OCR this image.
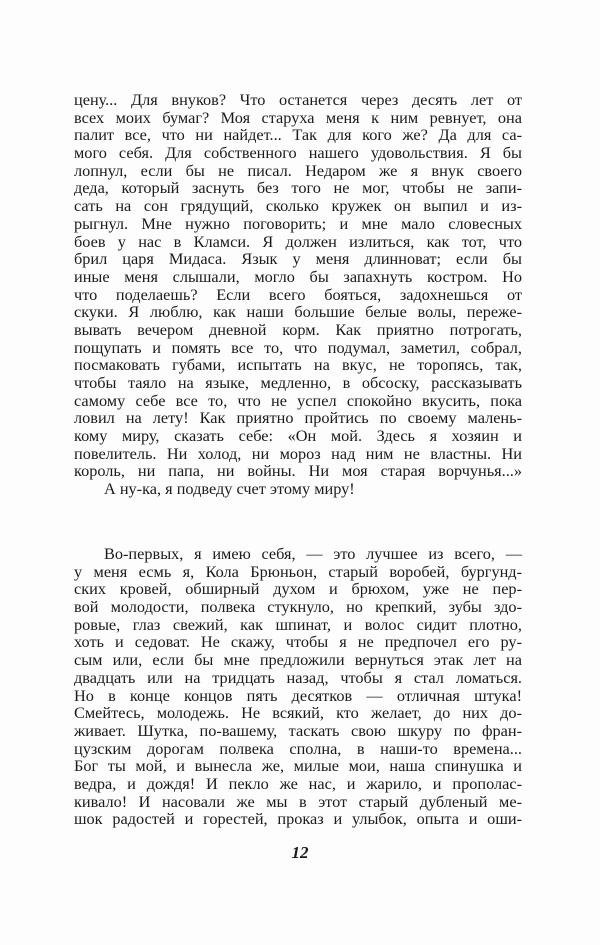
цену... Для внуков? Что останется через десять лет от
всех моих бумаг? Моя старуха меня к ним ревнует, она
палит все, что ни найдет... Так для кого же? Да для са-
мого себя. Для собственного нашего удовольствия. Я бы
лопнул, если бы не писал. Недаром же я внук своего
деда, который заснуть без того не мог, чтобы не запи-
сать на сон грядущий, сколько кружек он выпил и из-
рыгнул. Мне нужно поговорить; и мне мало словесных
боев у нас в Кламси. Я должен излиться, как тот, что
брил царя Мидаса. Язык у меня длинноват; если бы
иные меня слышали, могло бы запахнуть костром. Но
что поделаешь? Если всего бояться, задохнешься от
скуки. Я люблю, как наши большие белые волы, пережe-
вывать вечером дневной корм. Как приятно потрогать,
пощупать и помять все то, что подумал, заметил, собрал,
посмаковать губами, испытать на вкус, не торопясь, так,
чтобы таяло на языке, медленно, в обсоску, рассказывать
самому себе все то, что не успел спокойно вкусить, пока
ловил на лету! Как приятно пройтись по своему малень-
кому миру, сказать себе: «Он мой. Здесь я хозяин и
повелитель. Ни холод, ни мороз над ним не властны. Ни
король, ни папа, ни войны. Ни моя старая ворчунья...»
А ну-ка, я подведу счет этому миру!
Во-первых, я имею себя, — это лучшее из всего, —
у меня есмь я, Кола Брюньон, старый воробей, бургунд-
ских кровей, обширный духом и брюхом, уже не пер-
вой молодости, полвека стукнуло, но крепкий, зубы здо-
ровые, глаз свежий, как шпинат, и волос сидит плотно,
хоть и седоват. Не скажу, чтобы я не предпочел его ру-
сым или, если бы мне предложили вернуться этак лет на
двадцать или на тридцать назад, чтобы я стал ломаться.
Но в конце концов пять десятков — отличная штука!
Смейтесь, молодежь. Не всякий, кто желает, до них до-
живает. Шутка, по-вашему, таскать свою шкуру по фран-
цузским дорогам полвека сполна, в наши-то времена...
Бог ты мой, и вынесла же, милые мои, наша спинушка и
ведра, и дождя! И пекло же нас, и жарило, и прополас-
кивало! И насовали же мы в этот старый дубленый ме-
шок радостей и горестей, проказ и улыбок, опыта и оши-
12
